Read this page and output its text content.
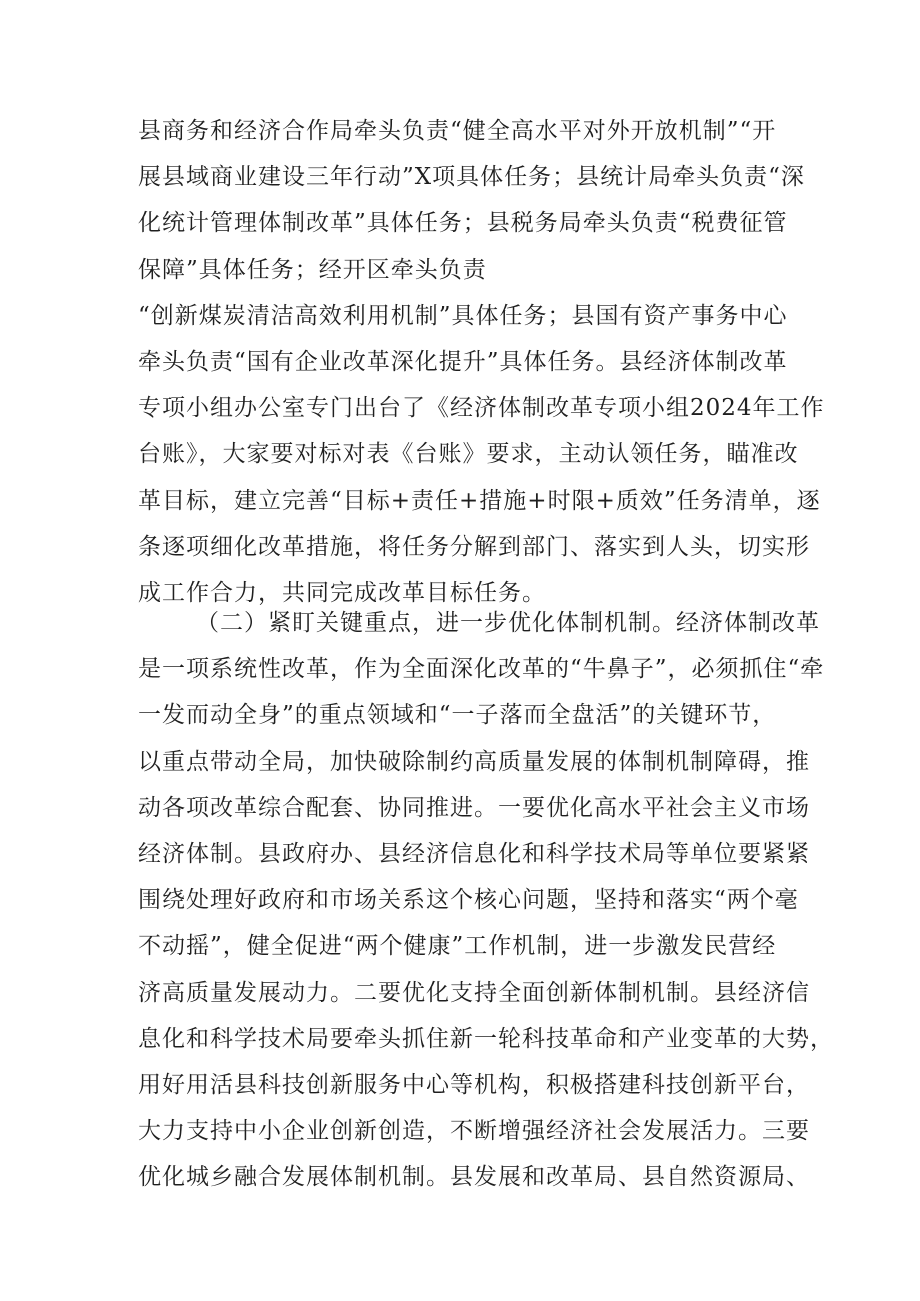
县商务和经济合作局牵头负责“健全高水平对外开放机制”“开
展县域商业建设三年行动”X项具体任务；县统计局牵头负责“深
化统计管理体制改革”具体任务；县税务局牵头负责“税费征管
保障”具体任务；经开区牵头负责
“创新煤炭清洁高效利用机制”具体任务；县国有资产事务中心
牵头负责“国有企业改革深化提升”具体任务。县经济体制改革
专项小组办公室专门出台了《经济体制改革专项小组2024年工作
台账》，大家要对标对表《台账》要求，主动认领任务，瞄准改
革目标，建立完善“目标+责任+措施+时限+质效”任务清单，逐
条逐项细化改革措施，将任务分解到部门、落实到人头，切实形
成工作合力，共同完成改革目标任务。
（二）紧盯关键重点，进一步优化体制机制。经济体制改革
是一项系统性改革，作为全面深化改革的“牛鼻子”，必须抓住“牵
一发而动全身”的重点领域和“一子落而全盘活”的关键环节，
以重点带动全局，加快破除制约高质量发展的体制机制障碍，推
动各项改革综合配套、协同推进。一要优化高水平社会主义市场
经济体制。县政府办、县经济信息化和科学技术局等单位要紧紧
围绕处理好政府和市场关系这个核心问题，坚持和落实“两个毫
不动摇”，健全促进“两个健康”工作机制，进一步激发民营经
济高质量发展动力。二要优化支持全面创新体制机制。县经济信
息化和科学技术局要牵头抓住新一轮科技革命和产业变革的大势，
用好用活县科技创新服务中心等机构，积极搭建科技创新平台，
大力支持中小企业创新创造，不断增强经济社会发展活力。三要
优化城乡融合发展体制机制。县发展和改革局、县自然资源局、
